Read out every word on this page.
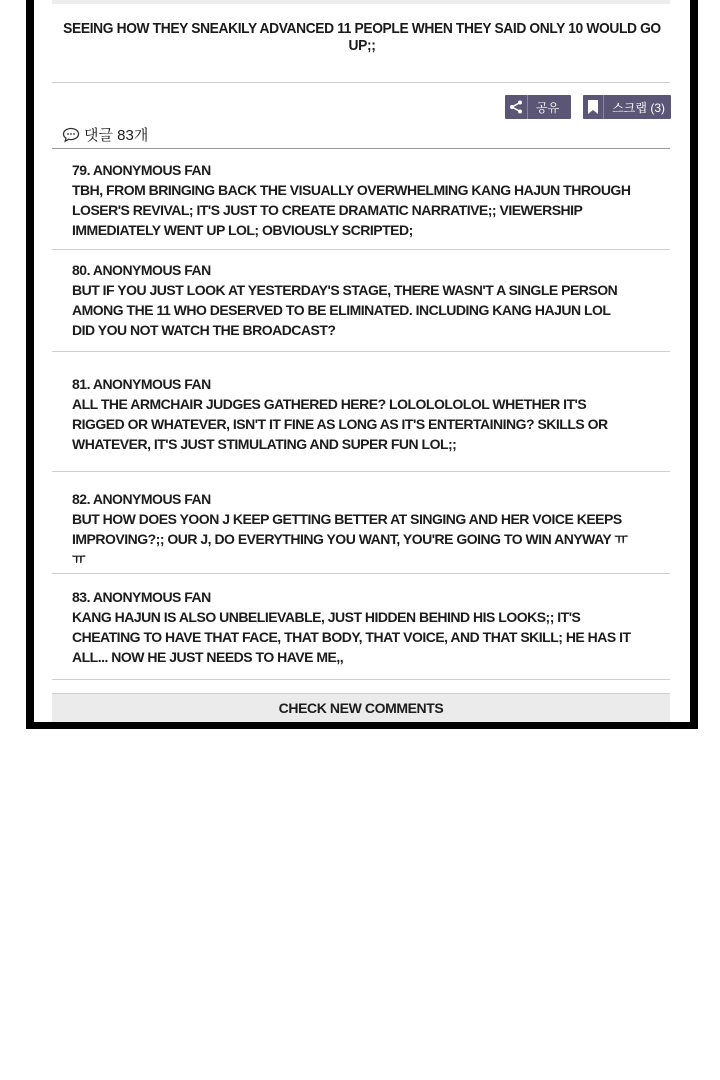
SEEING HOW THEY SNEAKILY ADVANCED 11 PEOPLE WHEN THEY SAID ONLY 10 WOULD GO UP;;
공유	스크랩 (3)
댓글 83개
79. ANONYMOUS FAN
TBH, FROM BRINGING BACK THE VISUALLY OVERWHELMING KANG HAJUN THROUGH LOSER'S REVIVAL; IT'S JUST TO CREATE DRAMATIC NARRATIVE;; VIEWERSHIP IMMEDIATELY WENT UP LOL; OBVIOUSLY SCRIPTED;
80. ANONYMOUS FAN
BUT IF YOU JUST LOOK AT YESTERDAY'S STAGE, THERE WASN'T A SINGLE PERSON AMONG THE 11 WHO DESERVED TO BE ELIMINATED. INCLUDING KANG HAJUN LOL DID YOU NOT WATCH THE BROADCAST?
81. ANONYMOUS FAN
ALL THE ARMCHAIR JUDGES GATHERED HERE? LOLOLOLOLOL WHETHER IT'S RIGGED OR WHATEVER, ISN'T IT FINE AS LONG AS IT'S ENTERTAINING? SKILLS OR WHATEVER, IT'S JUST STIMULATING AND SUPER FUN LOL;;
82. ANONYMOUS FAN
BUT HOW DOES YOON J KEEP GETTING BETTER AT SINGING AND HER VOICE KEEPS IMPROVING?;; OUR J, DO EVERYTHING YOU WANT, YOU'RE GOING TO WIN ANYWAY ㅠㅠ
83. ANONYMOUS FAN
KANG HAJUN IS ALSO UNBELIEVABLE, JUST HIDDEN BEHIND HIS LOOKS;; IT'S CHEATING TO HAVE THAT FACE, THAT BODY, THAT VOICE, AND THAT SKILL; HE HAS IT ALL... NOW HE JUST NEEDS TO HAVE ME,,
CHECK NEW COMMENTS
